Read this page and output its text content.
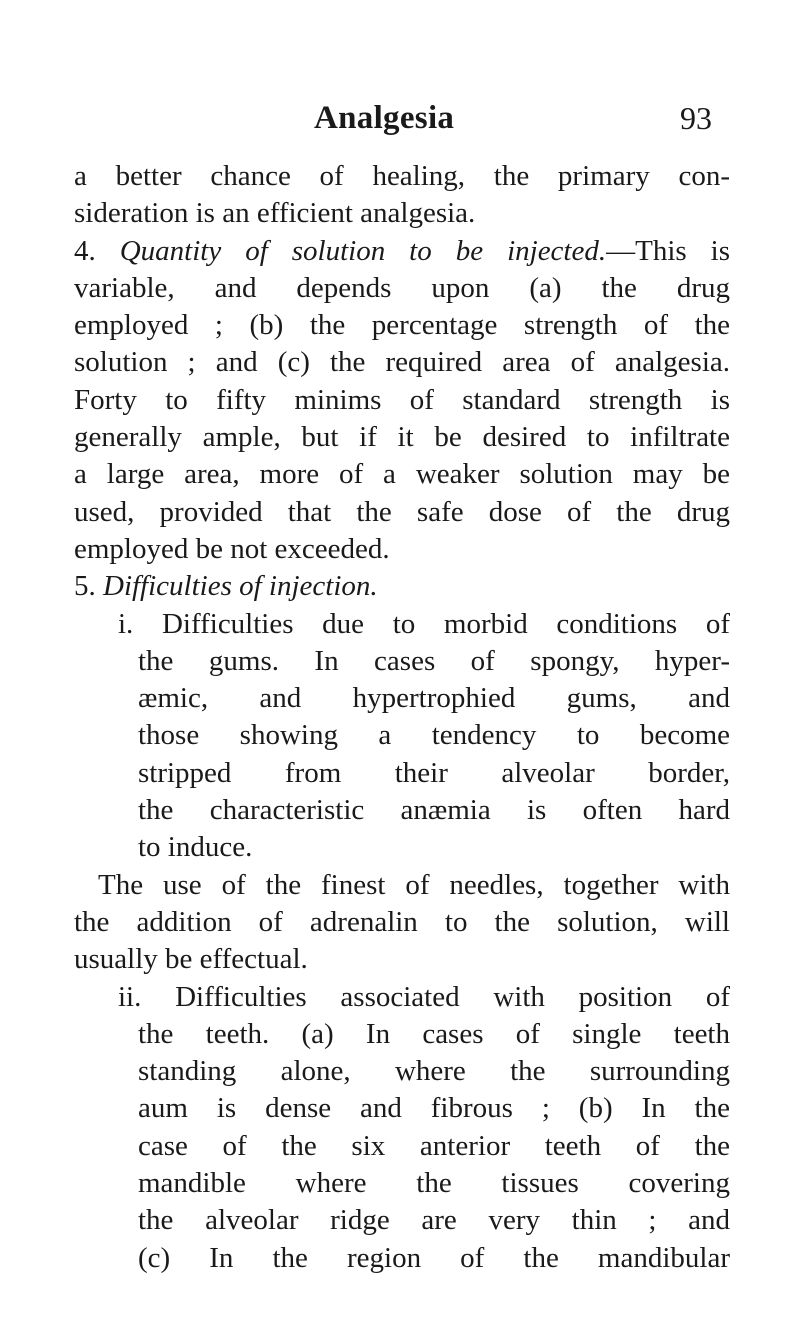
Analgesia	93
a better chance of healing, the primary con-
sideration is an efficient analgesia.
4. Quantity of solution to be injected.—This is
variable, and depends upon (a) the drug
employed ; (b) the percentage strength of the
solution ; and (c) the required area of analgesia.
Forty to fifty minims of standard strength is
generally ample, but if it be desired to infiltrate
a large area, more of a weaker solution may be
used, provided that the safe dose of the drug
employed be not exceeded.
5. Difficulties of injection.
i. Difficulties due to morbid conditions of
the gums. In cases of spongy, hyper-
æmic, and hypertrophied gums, and
those showing a tendency to become
stripped from their alveolar border,
the characteristic anæmia is often hard
to induce.
The use of the finest of needles, together with
the addition of adrenalin to the solution, will
usually be effectual.
ii. Difficulties associated with position of
the teeth. (a) In cases of single teeth
standing alone, where the surrounding
aum is dense and fibrous ; (b) In the
case of the six anterior teeth of the
mandible where the tissues covering
the alveolar ridge are very thin ; and
(c) In the region of the mandibular
